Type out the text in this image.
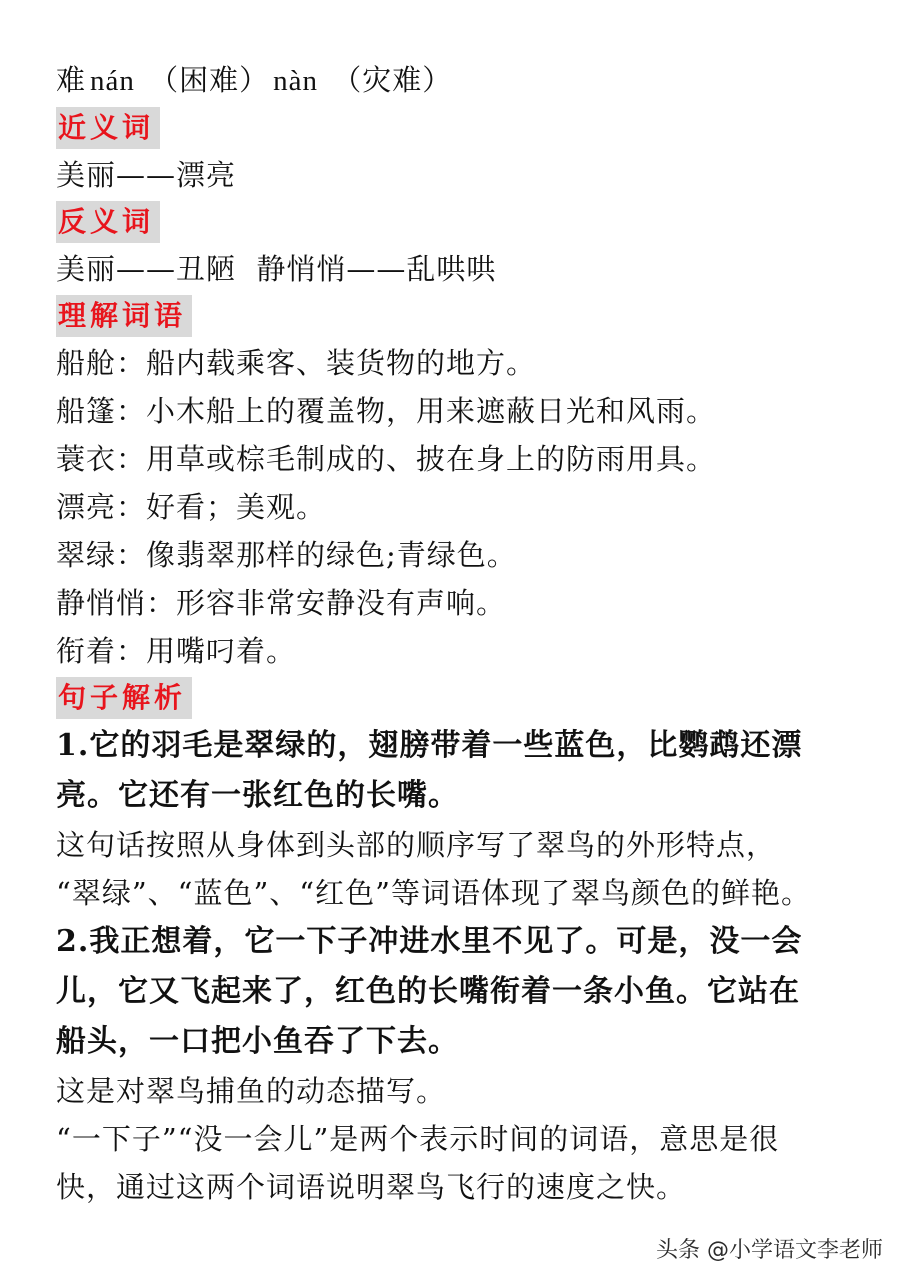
难 nán （困难） nàn （灾难）
近义词
美丽——漂亮
反义词
美丽——丑陋  静悄悄——乱哄哄
理解词语
船舱：船内载乘客、装货物的地方。
船篷：小木船上的覆盖物，用来遮蔽日光和风雨。
蓑衣：用草或棕毛制成的、披在身上的防雨用具。
漂亮：好看；美观。
翠绿：像翡翠那样的绿色;青绿色。
静悄悄：形容非常安静没有声响。
衔着：用嘴叼着。
句子解析
1.它的羽毛是翠绿的，翅膀带着一些蓝色，比鹦鹉还漂
亮。它还有一张红色的长嘴。
这句话按照从身体到头部的顺序写了翠鸟的外形特点，
“翠绿”、“蓝色”、“红色”等词语体现了翠鸟颜色的鲜艳。
2.我正想着，它一下子冲进水里不见了。可是，没一会
儿，它又飞起来了，红色的长嘴衔着一条小鱼。它站在
船头，一口把小鱼吞了下去。
这是对翠鸟捕鱼的动态描写。
“一下子”“没一会儿”是两个表示时间的词语，意思是很
快，通过这两个词语说明翠鸟飞行的速度之快。
头条 @小学语文李老师
